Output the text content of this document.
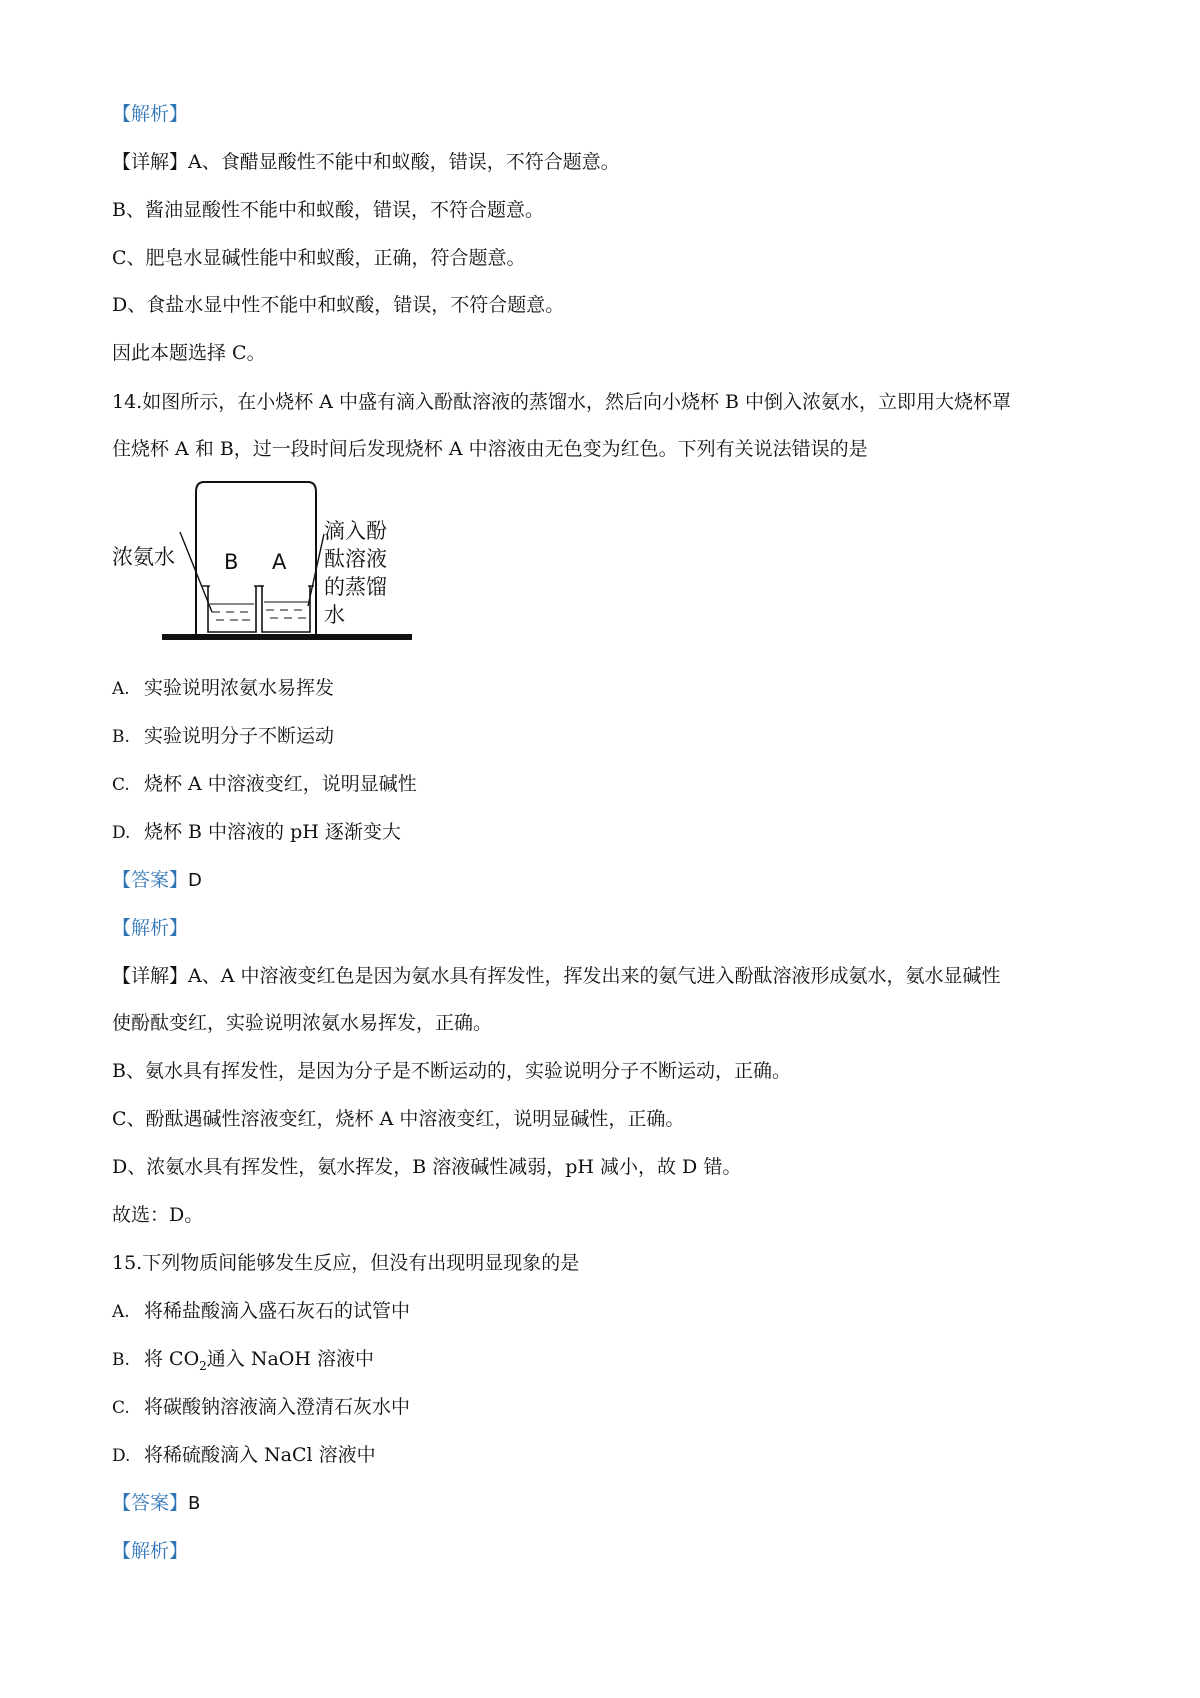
【解析】
【详解】A、食醋显酸性不能中和蚁酸，错误，不符合题意。
B、酱油显酸性不能中和蚁酸，错误，不符合题意。
C、肥皂水显碱性能中和蚁酸，正确，符合题意。
D、食盐水显中性不能中和蚁酸，错误，不符合题意。
因此本题选择 C。
14.如图所示，在小烧杯 A 中盛有滴入酚酞溶液的蒸馏水，然后向小烧杯 B 中倒入浓氨水，立即用大烧杯罩
住烧杯 A 和 B，过一段时间后发现烧杯 A 中溶液由无色变为红色。下列有关说法错误的是
浓氨水 B A
滴入酚
酞溶液
的蒸馏
水
A. 实验说明浓氨水易挥发
B. 实验说明分子不断运动
C. 烧杯 A 中溶液变红，说明显碱性
D. 烧杯 B 中溶液的 pH 逐渐变大
【答案】D
【解析】
【详解】A、A 中溶液变红色是因为氨水具有挥发性，挥发出来的氨气进入酚酞溶液形成氨水，氨水显碱性
使酚酞变红，实验说明浓氨水易挥发，正确。
B、氨水具有挥发性，是因为分子是不断运动的，实验说明分子不断运动，正确。
C、酚酞遇碱性溶液变红，烧杯 A 中溶液变红，说明显碱性，正确。
D、浓氨水具有挥发性，氨水挥发，B 溶液碱性减弱，pH 减小，故 D 错。
故选：D。
15.下列物质间能够发生反应，但没有出现明显现象的是
A. 将稀盐酸滴入盛石灰石的试管中
B. 将 $CO_2$通入 NaOH 溶液中
C. 将碳酸钠溶液滴入澄清石灰水中
D. 将稀硫酸滴入 NaCl 溶液中
【答案】B
【解析】
